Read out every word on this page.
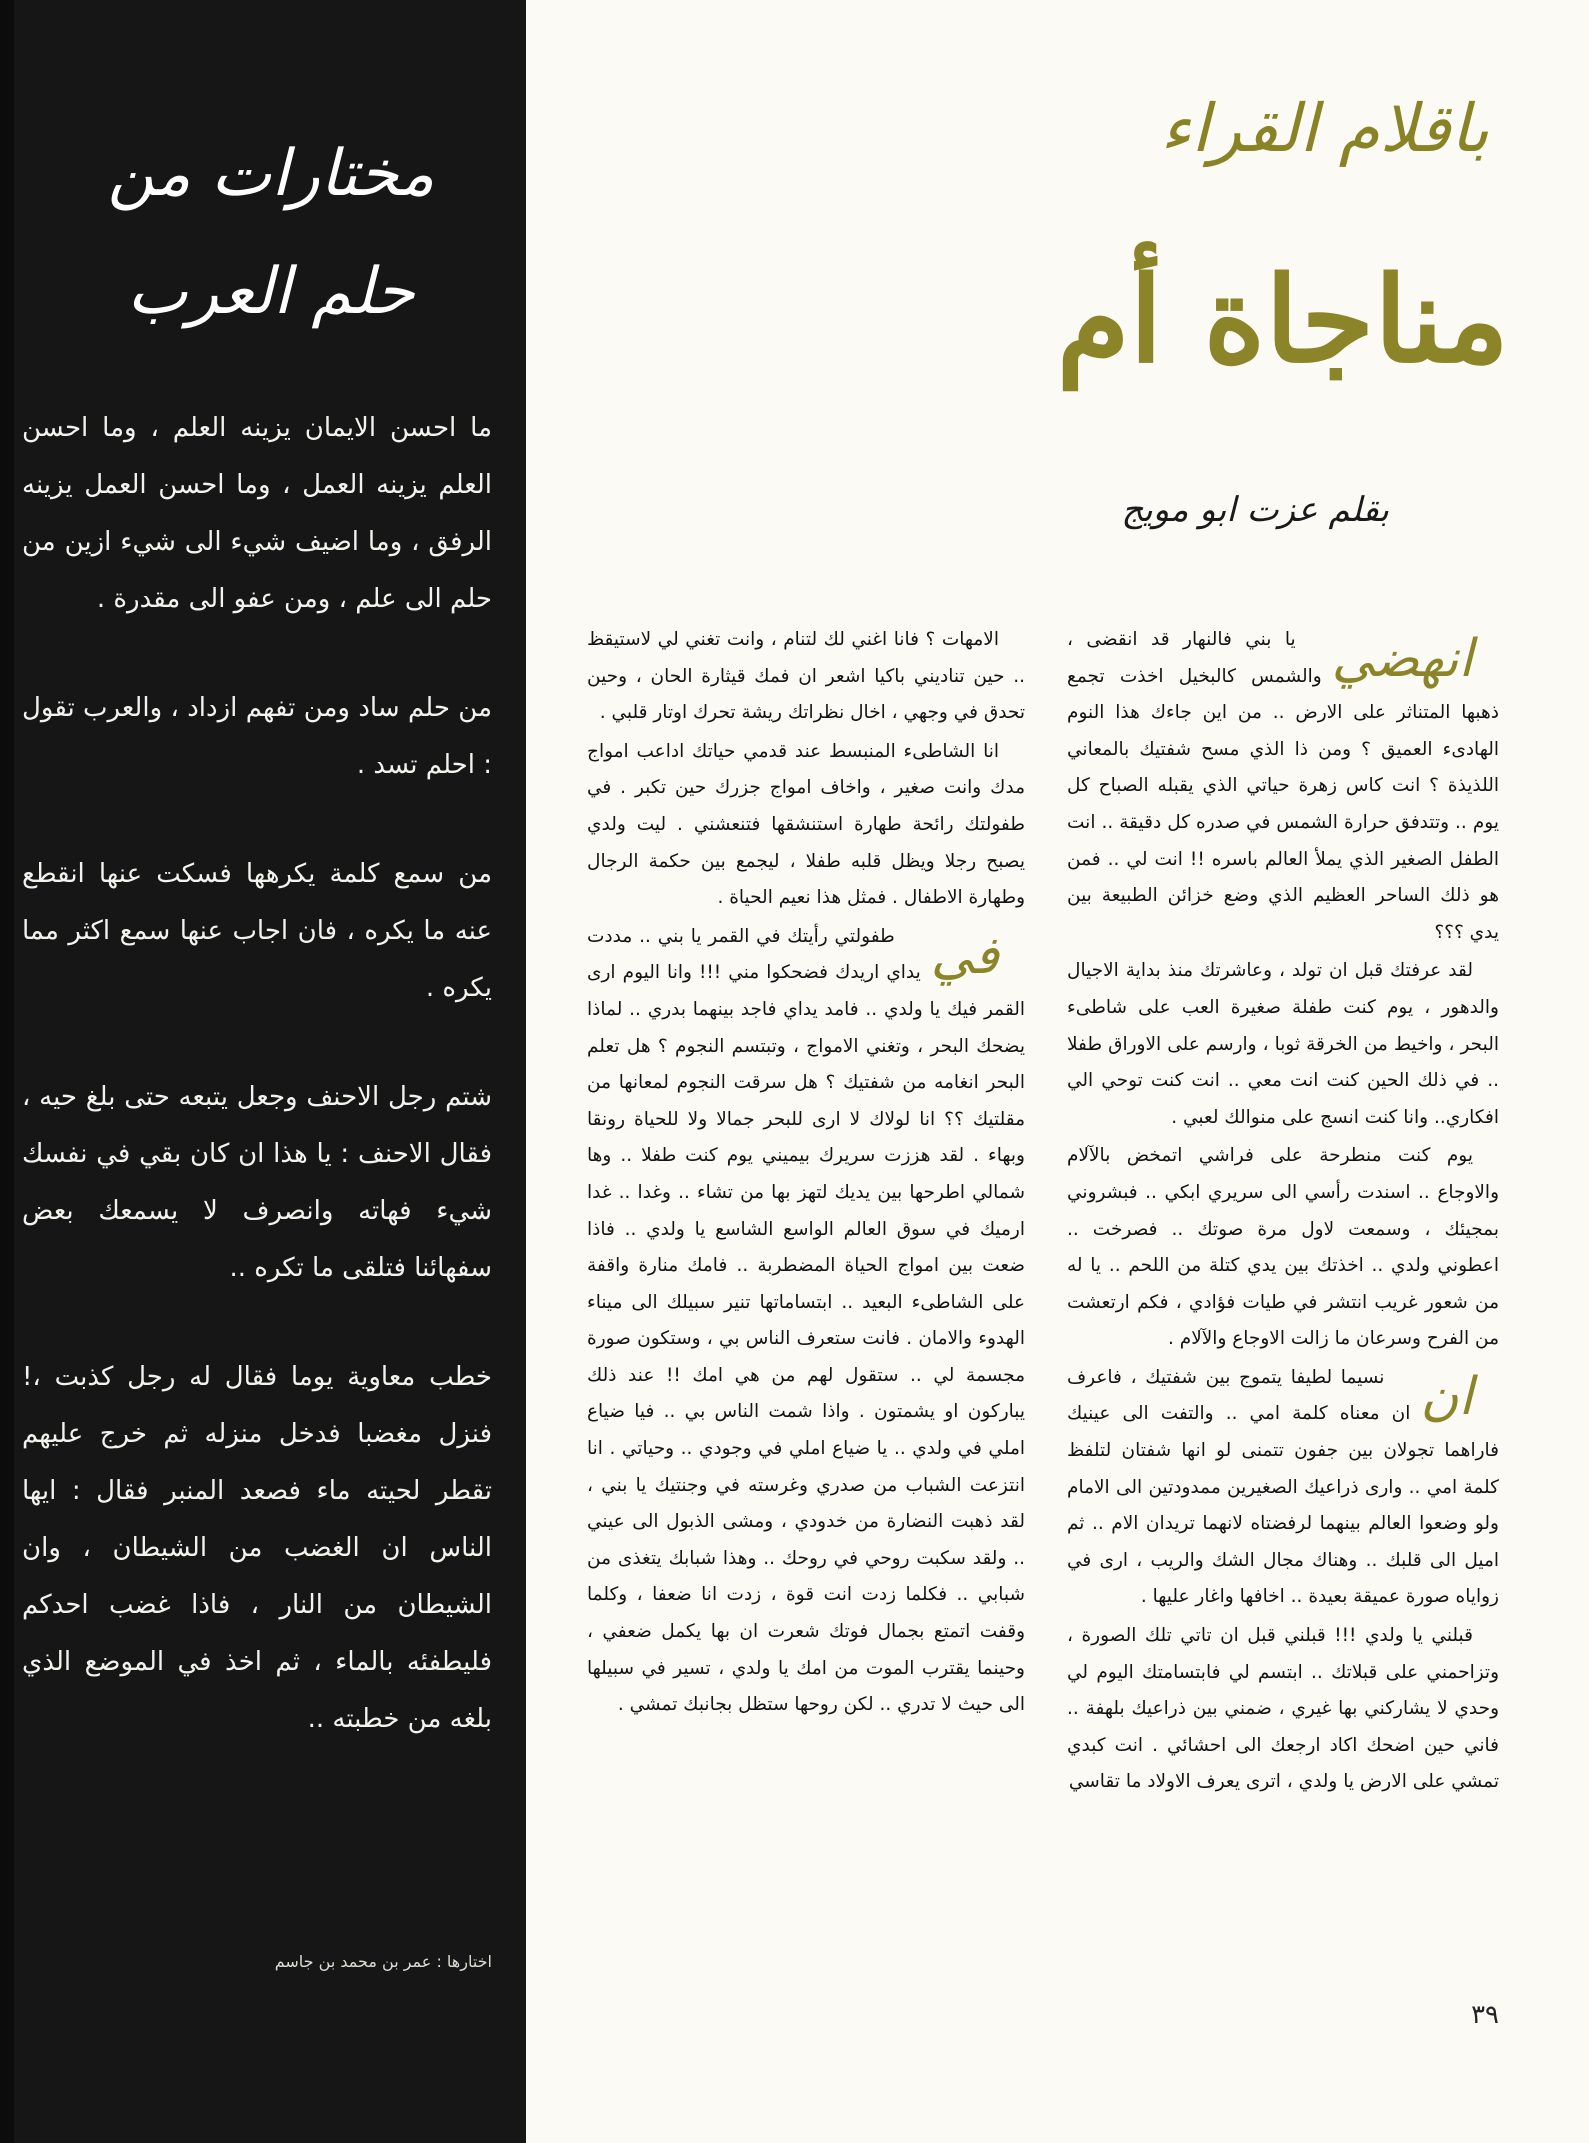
مختارات من
حلم العرب

ما احسن الايمان يزينه العلم ، وما احسن العلم يزينه العمل ، وما احسن العمل يزينه الرفق ، وما اضيف شيء الى شيء ازين من حلم الى علم ، ومن عفو الى مقدرة .

من حلم ساد ومن تفهم ازداد ، والعرب تقول : احلم تسد .

من سمع كلمة يكرهها فسكت عنها انقطع عنه ما يكره ، فان اجاب عنها سمع اكثر مما يكره .

شتم رجل الاحنف وجعل يتبعه حتى بلغ حيه ، فقال الاحنف : يا هذا ان كان بقي في نفسك شيء فهاته وانصرف لا يسمعك بعض سفهائنا فتلقى ما تكره ..

خطب معاوية يوما فقال له رجل كذبت ،! فنزل مغضبا فدخل منزله ثم خرج عليهم تقطر لحيته ماء فصعد المنبر فقال : ايها الناس ان الغضب من الشيطان ، وان الشيطان من النار ، فاذا غضب احدكم فليطفئه بالماء ، ثم اخذ في الموضع الذي بلغه من خطبته ..

اختارها : عمر بن محمد بن جاسم
باقلام القراء
مناجاة أم
بقلم عزت ابو مويج

انهضي
يا بني فالنهار قد انقضى ، والشمس كالبخيل اخذت تجمع ذهبها المتناثر على الارض .. من اين جاءك هذا النوم الهادىء العميق ؟ ومن ذا الذي مسح شفتيك بالمعاني اللذيذة ؟ انت كاس زهرة حياتي الذي يقبله الصباح كل يوم .. وتتدفق حرارة الشمس في صدره كل دقيقة .. انت الطفل الصغير الذي يملأ العالم باسره !! انت لي .. فمن هو ذلك الساحر العظيم الذي وضع خزائن الطبيعة بين يدي ؟؟؟

لقد عرفتك قبل ان تولد ، وعاشرتك منذ بداية الاجيال والدهور ، يوم كنت طفلة صغيرة العب على شاطىء البحر ، واخيط من الخرقة ثوبا ، وارسم على الاوراق طفلا .. في ذلك الحين كنت انت معي .. انت كنت توحي الي افكاري.. وانا كنت انسج على منوالك لعبي .

يوم كنت منطرحة على فراشي اتمخض بالآلام والاوجاع .. اسندت رأسي الى سريري ابكي .. فبشروني بمجيئك ، وسمعت لاول مرة صوتك .. فصرخت .. اعطوني ولدي .. اخذتك بين يدي كتلة من اللحم .. يا له من شعور غريب انتشر في طيات فؤادي ، فكم ارتعشت من الفرح وسرعان ما زالت الاوجاع والآلام .

ان
نسيما لطيفا يتموج بين شفتيك ، فاعرف ان معناه كلمة امي .. والتفت الى عينيك فاراهما تجولان بين جفون تتمنى لو انها شفتان لتلفظ كلمة امي .. وارى ذراعيك الصغيرين ممدودتين الى الامام ولو وضعوا العالم بينهما لرفضتاه لانهما تريدان الام .. ثم اميل الى قلبك .. وهناك مجال الشك والريب ، ارى في زواياه صورة عميقة بعيدة .. اخافها واغار عليها .

قبلني يا ولدي !!! قبلني قبل ان تاتي تلك الصورة ، وتزاحمني على قبلاتك .. ابتسم لي فابتسامتك اليوم لي وحدي لا يشاركني بها غيري ، ضمني بين ذراعيك بلهفة .. فاني حين اضحك اكاد ارجعك الى احشائي . انت كبدي تمشي على الارض يا ولدي ، اترى يعرف الاولاد ما تقاسي

الامهات ؟ فانا اغني لك لتنام ، وانت تغني لي لاستيقظ .. حين تناديني باكيا اشعر ان فمك قيثارة الحان ، وحين تحدق في وجهي ، اخال نظراتك ريشة تحرك اوتار قلبي .

انا الشاطىء المنبسط عند قدمي حياتك اداعب امواج مدك وانت صغير ، واخاف امواج جزرك حين تكبر . في طفولتك رائحة طهارة استنشقها فتنعشني . ليت ولدي يصبح رجلا ويظل قلبه طفلا ، ليجمع بين حكمة الرجال وطهارة الاطفال . فمثل هذا نعيم الحياة .

في
طفولتي رأيتك في القمر يا بني .. مددت يداي اريدك فضحكوا مني !!! وانا اليوم ارى القمر فيك يا ولدي .. فامد يداي فاجد بينهما بدري .. لماذا يضحك البحر ، وتغني الامواج ، وتبتسم النجوم ؟ هل تعلم البحر انغامه من شفتيك ؟ هل سرقت النجوم لمعانها من مقلتيك ؟؟ انا لولاك لا ارى للبحر جمالا ولا للحياة رونقا وبهاء . لقد هززت سريرك بيميني يوم كنت طفلا .. وها شمالي اطرحها بين يديك لتهز بها من تشاء .. وغدا .. غدا ارميك في سوق العالم الواسع الشاسع يا ولدي .. فاذا ضعت بين امواج الحياة المضطربة .. فامك منارة واقفة على الشاطىء البعيد .. ابتساماتها تنير سبيلك الى ميناء الهدوء والامان . فانت ستعرف الناس بي ، وستكون صورة مجسمة لي .. ستقول لهم من هي امك !! عند ذلك يباركون او يشمتون . واذا شمت الناس بي .. فيا ضياع املي في ولدي .. يا ضياع املي في وجودي .. وحياتي . انا انتزعت الشباب من صدري وغرسته في وجنتيك يا بني ، لقد ذهبت النضارة من خدودي ، ومشى الذبول الى عيني .. ولقد سكبت روحي في روحك .. وهذا شبابك يتغذى من شبابي .. فكلما زدت انت قوة ، زدت انا ضعفا ، وكلما وقفت اتمتع بجمال فوتك شعرت ان بها يكمل ضعفي ، وحينما يقترب الموت من امك يا ولدي ، تسير في سبيلها الى حيث لا تدري .. لكن روحها ستظل بجانبك تمشي .

٣٩
